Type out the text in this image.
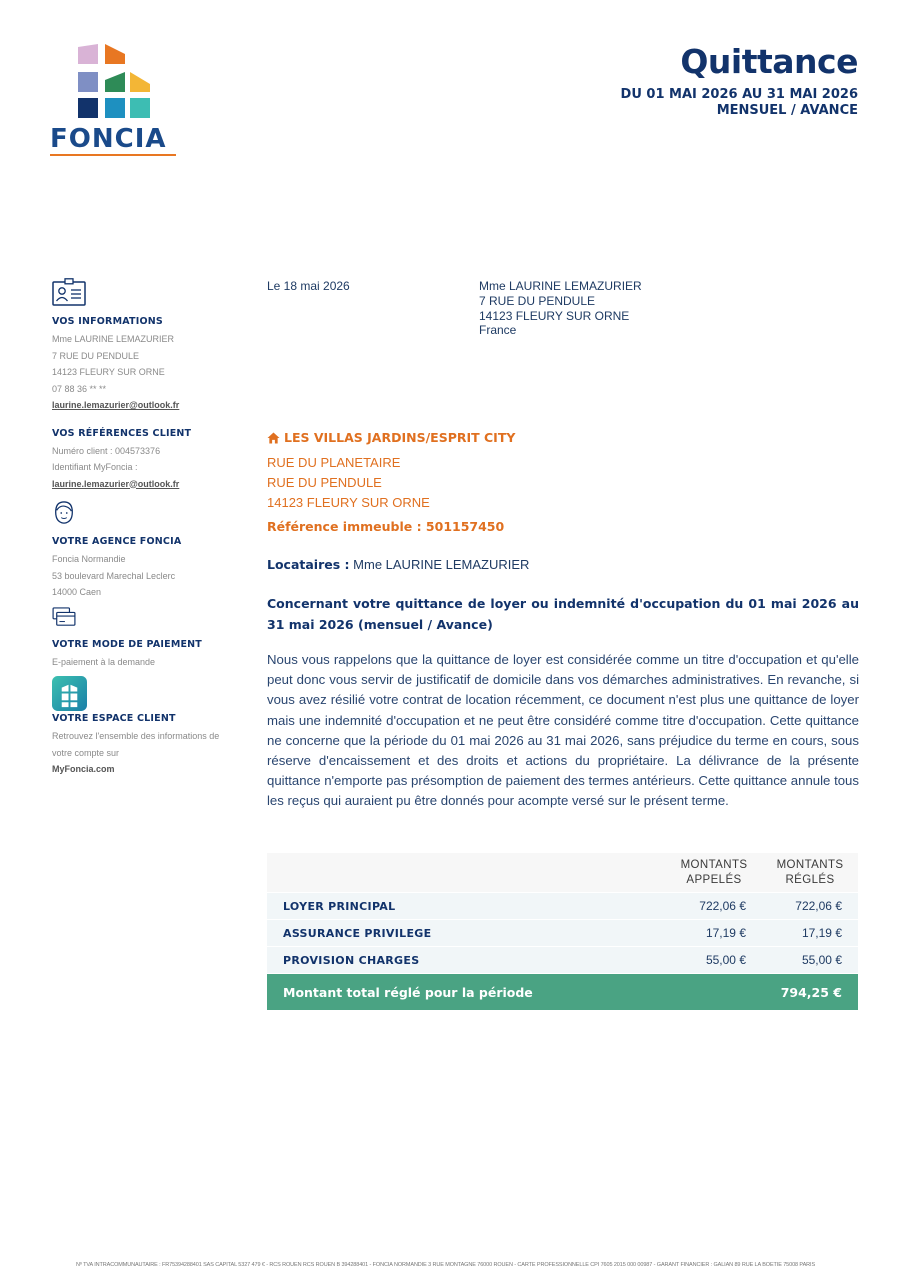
FONCIA
Quittance
DU 01 MAI 2026 AU 31 MAI 2026
MENSUEL / AVANCE
VOS INFORMATIONS
Mme LAURINE LEMAZURIER
7 RUE DU PENDULE
14123 FLEURY SUR ORNE
07 88 36 ** **
laurine.lemazurier@outlook.fr
VOS RÉFÉRENCES CLIENT
Numéro client : 004573376
Identifiant MyFoncia :
laurine.lemazurier@outlook.fr
VOTRE AGENCE FONCIA
Foncia Normandie
53 boulevard Marechal Leclerc
14000 Caen
VOTRE MODE DE PAIEMENT
E-paiement à la demande
VOTRE ESPACE CLIENT
Retrouvez l'ensemble des informations de
votre compte sur
MyFoncia.com
Le 18 mai 2026	Mme LAURINE LEMAZURIER
7 RUE DU PENDULE
14123 FLEURY SUR ORNE
France
LES VILLAS JARDINS/ESPRIT CITY
RUE DU PLANETAIRE
RUE DU PENDULE
14123 FLEURY SUR ORNE
Référence immeuble : 501157450
Locataires : Mme LAURINE LEMAZURIER
Concernant votre quittance de loyer ou indemnité d'occupation du 01 mai 2026 au 31 mai 2026 (mensuel / Avance)
Nous vous rappelons que la quittance de loyer est considérée comme un titre d'occupation et qu'elle peut donc vous servir de justificatif de domicile dans vos démarches administratives. En revanche, si vous avez résilié votre contrat de location récemment, ce document n'est plus une quittance de loyer mais une indemnité d'occupation et ne peut être considéré comme titre d'occupation. Cette quittance ne concerne que la période du 01 mai 2026 au 31 mai 2026, sans préjudice du terme en cours, sous réserve d'encaissement et des droits et actions du propriétaire. La délivrance de la présente quittance n'emporte pas présomption de paiement des termes antérieurs. Cette quittance annule tous les reçus qui auraient pu être donnés pour acompte versé sur le présent terme.
MONTANTS APPELÉS
MONTANTS RÉGLÉS
LOYER PRINCIPAL	722,06 €	722,06 €
ASSURANCE PRIVILEGE	17,19 €	17,19 €
PROVISION CHARGES	55,00 €	55,00 €
Montant total réglé pour la période	794,25 €
Nº TVA INTRACOMMUNAUTAIRE : FR75394288401 SAS CAPITAL 5327 479 € - RCS ROUEN RCS ROUEN B 394288401 - FONCIA NORMANDIE 3 RUE MONTAGNE 76000 ROUEN - CARTE PROFESSIONNELLE CPI 7605 2015 000 00987 - GARANT FINANCIER : GALIAN 89 RUE LA BOÉTIE 75008 PARIS
